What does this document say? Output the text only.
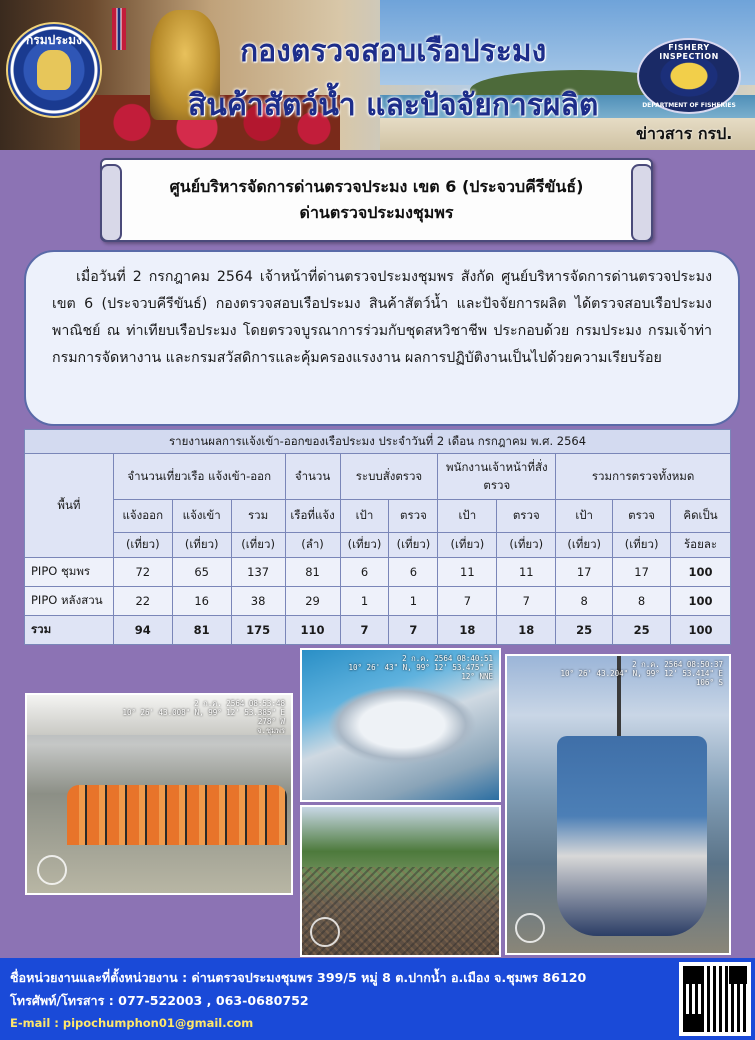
กรมประมง
FISHERY INSPECTION
DEPARTMENT OF FISHERIES
กองตรวจสอบเรือประมง
สินค้าสัตว์น้ำ และปัจจัยการผลิต
ข่าวสาร กรป.
ศูนย์บริหารจัดการด่านตรวจประมง เขต 6 (ประจวบคีรีขันธ์)
ด่านตรวจประมงชุมพร

เมื่อวันที่ 2 กรกฎาคม 2564 เจ้าหน้าที่ด่านตรวจประมงชุมพร สังกัด ศูนย์บริหารจัดการด่านตรวจประมงเขต 6 (ประจวบคีรีขันธ์) กองตรวจสอบเรือประมง สินค้าสัตว์น้ำ และปัจจัยการผลิต ได้ตรวจสอบเรือประมงพาณิชย์ ณ ท่าเทียบเรือประมง โดยตรวจบูรณาการร่วมกับชุดสหวิชาชีพ ประกอบด้วย กรมประมง กรมเจ้าท่า กรมการจัดหางาน และกรมสวัสดิการและคุ้มครองแรงงาน ผลการปฏิบัติงานเป็นไปด้วยความเรียบร้อย

รายงานผลการแจ้งเข้า-ออกของเรือประมง ประจำวันที่ 2 เดือน กรกฎาคม พ.ศ. 2564											
พื้นที่	จำนวนเที่ยวเรือ แจ้งเข้า-ออก			จำนวน	ระบบสั่งตรวจ		พนักงานเจ้าหน้าที่สั่งตรวจ		รวมการตรวจทั้งหมด		
	แจ้งออก	แจ้งเข้า	รวม	เรือที่แจ้ง	เป้า	ตรวจ	เป้า	ตรวจ	เป้า	ตรวจ	คิดเป็น
	(เที่ยว)	(เที่ยว)	(เที่ยว)	(ลำ)	(เที่ยว)	(เที่ยว)	(เที่ยว)	(เที่ยว)	(เที่ยว)	(เที่ยว)	ร้อยละ
PIPO ชุมพร	72	65	137	81	6	6	11	11	17	17	100
PIPO หลังสวน	22	16	38	29	1	1	7	7	8	8	100
รวม	94	81	175	110	7	7	18	18	25	25	100
2 ก.ค. 2564 08:53:48
10° 26' 43.008" N, 99° 12' 53.385" E
278° W
จ.ชุมพร
2 ก.ค. 2564 08:40:51
10° 26' 43" N, 99° 12' 53.475" E
12° NNE
2 ก.ค. 2564 08:50:37
10° 26' 43.204" N, 99° 12' 53.414" E
106° S
ชื่อหน่วยงานและที่ตั้งหน่วยงาน : ด่านตรวจประมงชุมพร 399/5 หมู่ 8 ต.ปากน้ำ อ.เมือง จ.ชุมพร 86120
โทรศัพท์/โทรสาร : 077-522003 , 063-0680752
E-mail : pipochumphon01@gmail.com
